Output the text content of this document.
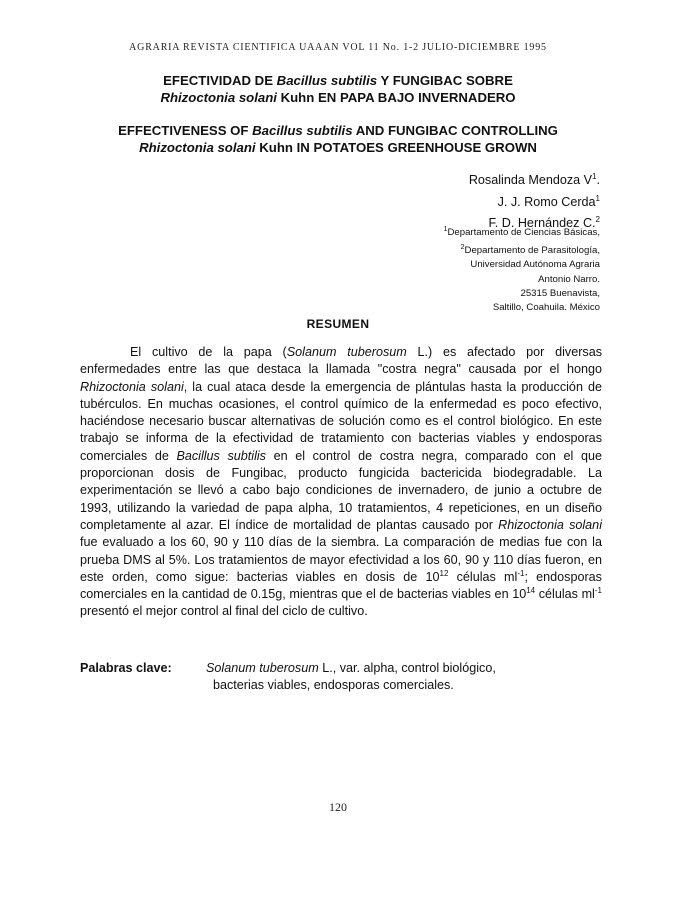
AGRARIA REVISTA CIENTIFICA UAAAN VOL 11 No. 1-2 JULIO-DICIEMBRE 1995
EFECTIVIDAD DE Bacillus subtilis Y FUNGIBAC SOBRE
Rhizoctonia solani Kuhn EN PAPA BAJO INVERNADERO
EFFECTIVENESS OF Bacillus subtilis AND FUNGIBAC CONTROLLING
Rhizoctonia solani Kuhn IN POTATOES GREENHOUSE GROWN
Rosalinda Mendoza $V^1$.
J. J. Romo Cerda$^1$
F. D. Hernández C.$^2$
$^1$Departamento de Ciencias Básicas,
$^2$Departamento de Parasitología,
Universidad Autónoma Agraria
Antonio Narro.
25315 Buenavista,
Saltillo, Coahuila. México
RESUMEN

El cultivo de la papa (Solanum tuberosum L.) es afectado por diversas enfermedades entre las que destaca la llamada "costra negra" causada por el hongo Rhizoctonia solani, la cual ataca desde la emergencia de plántulas hasta la producción de tubérculos. En muchas ocasiones, el control químico de la enfermedad es poco efectivo, haciéndose necesario buscar alternativas de solución como es el control biológico. En este trabajo se informa de la efectividad de tratamiento con bacterias viables y endosporas comerciales de Bacillus subtilis en el control de costra negra, comparado con el que proporcionan dosis de Fungibac, producto fungicida bactericida biodegradable. La experimentación se llevó a cabo bajo condiciones de invernadero, de junio a octubre de 1993, utilizando la variedad de papa alpha, 10 tratamientos, 4 repeticiones, en un diseño completamente al azar. El índice de mortalidad de plantas causado por Rhizoctonia solani fue evaluado a los 60, 90 y 110 días de la siembra. La comparación de medias fue con la prueba DMS al 5%. Los tratamientos de mayor efectividad a los 60, 90 y 110 días fueron, en este orden, como sigue: bacterias viables en dosis de $10^{12}$ células $ml^{-1}$; endosporas comerciales en la cantidad de 0.15g, mientras que el de bacterias viables en $10^{14}$ células $ml^{-1}$ presentó el mejor control al final del ciclo de cultivo.

Palabras clave:	Solanum tuberosum L., var. alpha, control biológico,
bacterias viables, endosporas comerciales.
120
